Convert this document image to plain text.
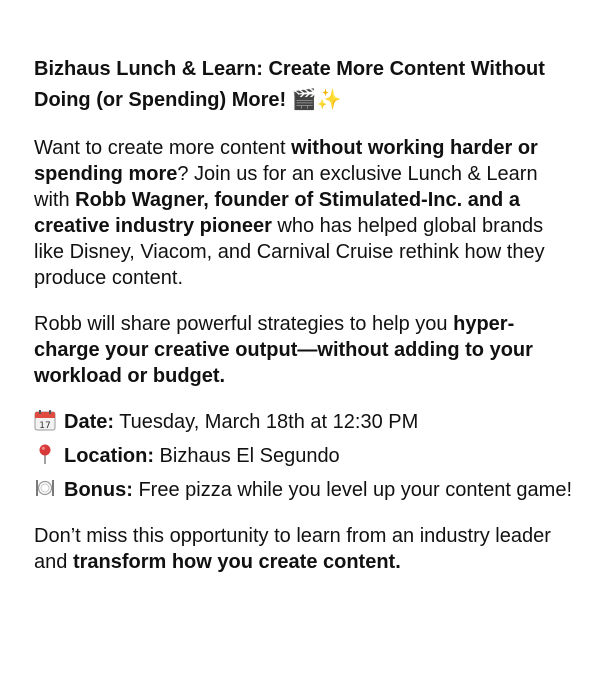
Bizhaus Lunch & Learn: Create More Content Without Doing (or Spending) More! 🎬✨

Want to create more content without working harder or spending more? Join us for an exclusive Lunch & Learn with Robb Wagner, founder of Stimulated-Inc. and a creative industry pioneer who has helped global brands like Disney, Viacom, and Carnival Cruise rethink how they produce content.

Robb will share powerful strategies to help you hyper-charge your creative output—without adding to your workload or budget.

17 Date: Tuesday, March 18th at 12:30 PM
Location: Bizhaus El Segundo
Bonus: Free pizza while you level up your content game!

Don’t miss this opportunity to learn from an industry leader and transform how you create content.
